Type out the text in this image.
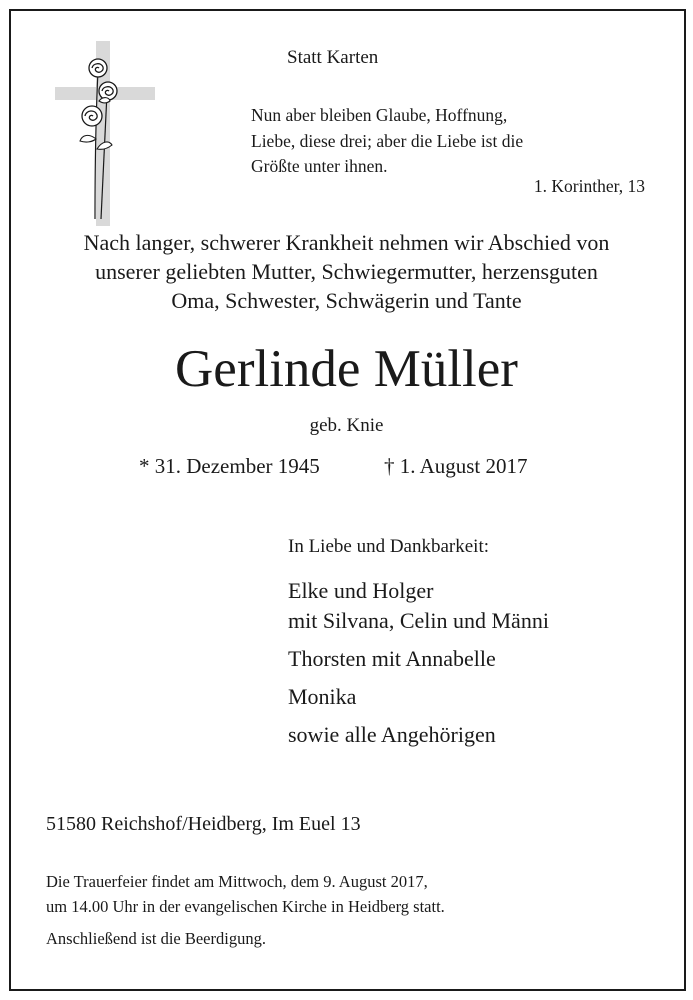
Statt Karten
Nun aber bleiben Glaube, Hoffnung,
Liebe, diese drei; aber die Liebe ist die
Größte unter ihnen.
1. Korinther, 13
Nach langer, schwerer Krankheit nehmen wir Abschied von
unserer geliebten Mutter, Schwiegermutter, herzensguten
Oma, Schwester, Schwägerin und Tante
Gerlinde Müller
geb. Knie
* 31. Dezember 1945	† 1. August 2017
In Liebe und Dankbarkeit:
Elke und Holger
mit Silvana, Celin und Männi
Thorsten mit Annabelle
Monika
sowie alle Angehörigen
51580 Reichshof/Heidberg, Im Euel 13
Die Trauerfeier findet am Mittwoch, dem 9. August 2017,
um 14.00 Uhr in der evangelischen Kirche in Heidberg statt.
Anschließend ist die Beerdigung.
